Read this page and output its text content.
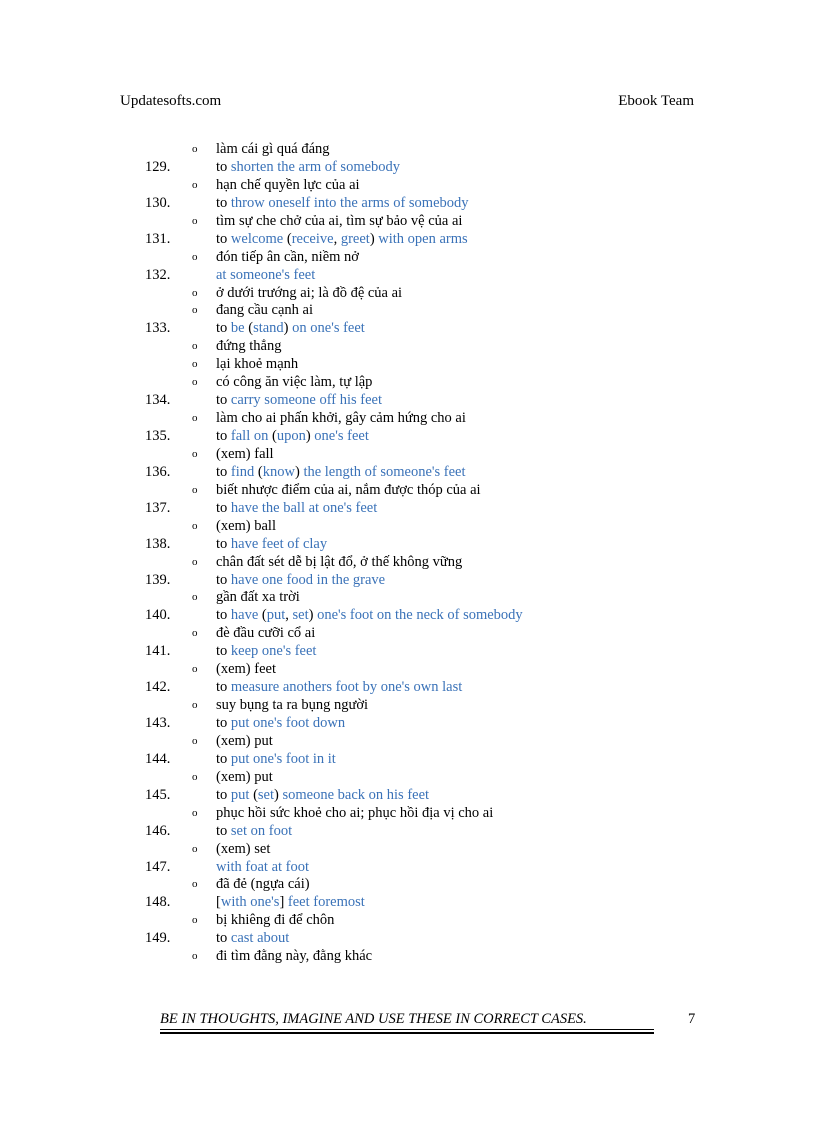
Updatesofts.com	Ebook Team
o làm cái gì quá đáng
129.	to shorten the arm of somebody
o hạn chế quyền lực của ai
130.	to throw oneself into the arms of somebody
o tìm sự che chở của ai, tìm sự bảo vệ của ai
131.	to welcome (receive, greet) with open arms
o đón tiếp ân cần, niềm nở
132.	at someone's feet
o ở dưới trướng ai; là đồ đệ của ai
o đang cầu cạnh ai
133.	to be (stand) on one's feet
o đứng thẳng
o lại khoẻ mạnh
o có công ăn việc làm, tự lập
134.	to carry someone off his feet
o làm cho ai phấn khởi, gây cảm hứng cho ai
135.	to fall on (upon) one's feet
o (xem) fall
136.	to find (know) the length of someone's feet
o biết nhược điểm của ai, nắm được thóp của ai
137.	to have the ball at one's feet
o (xem) ball
138.	to have feet of clay
o chân đất sét dễ bị lật đổ, ở thế không vững
139.	to have one food in the grave
o gần đất xa trời
140.	to have (put, set) one's foot on the neck of somebody
o đè đầu cưỡi cổ ai
141.	to keep one's feet
o (xem) feet
142.	to measure anothers foot by one's own last
o suy bụng ta ra bụng người
143.	to put one's foot down
o (xem) put
144.	to put one's foot in it
o (xem) put
145.	to put (set) someone back on his feet
o phục hồi sức khoẻ cho ai; phục hồi địa vị cho ai
146.	to set on foot
o (xem) set
147.	with foat at foot
o đã đẻ (ngựa cái)
148.	[with one's] feet foremost
o bị khiêng đi để chôn
149.	to cast about
o đi tìm đằng này, đằng khác
BE IN THOUGHTS, IMAGINE AND USE THESE IN CORRECT CASES.	7
